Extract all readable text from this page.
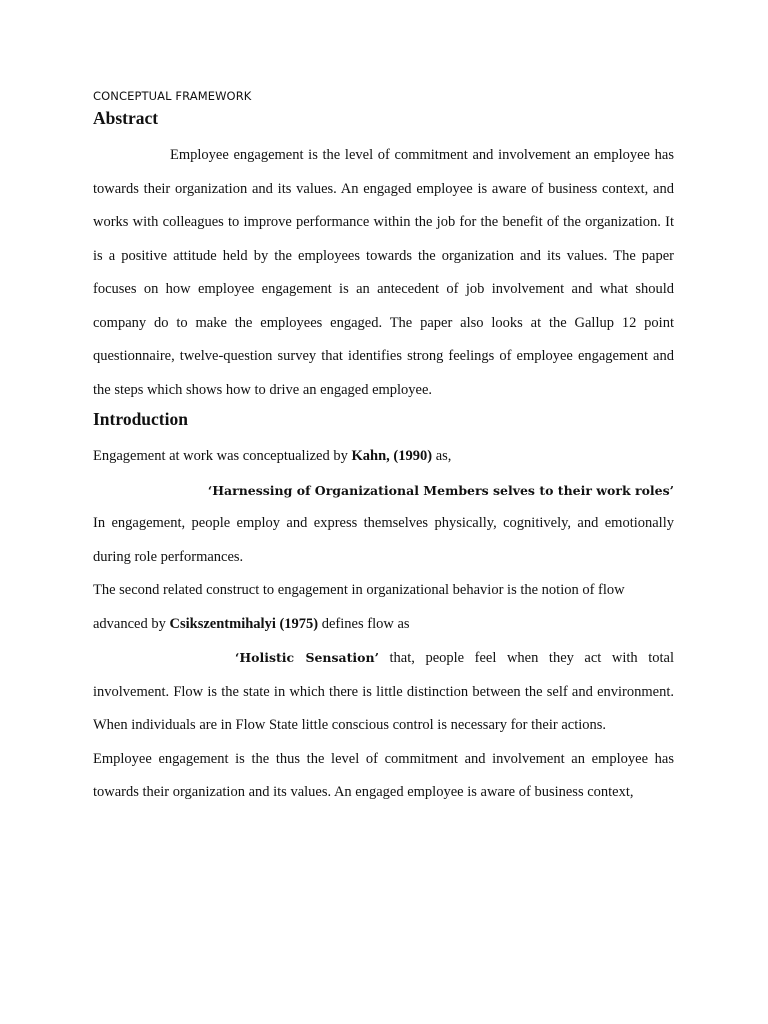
CONCEPTUAL FRAMEWORK

Abstract

Employee engagement is the level of commitment and involvement an employee has towards their organization and its values. An engaged employee is aware of business context, and works with colleagues to improve performance within the job for the benefit of the organization. It is a positive attitude held by the employees towards the organization and its values. The paper focuses on how employee engagement is an antecedent of job involvement and what should company do to make the employees engaged. The paper also looks at the Gallup 12 point questionnaire, twelve-question survey that identifies strong feelings of employee engagement and the steps which shows how to drive an engaged employee.

Introduction

Engagement at work was conceptualized by Kahn, (1990) as,

‘Harnessing of Organizational Members selves to their work roles’

In engagement, people employ and express themselves physically, cognitively, and emotionally during role performances.

The second related construct to engagement in organizational behavior is the notion of flow

advanced by Csikszentmihalyi (1975) defines flow as

‘Holistic Sensation’ that, people feel when they act with total involvement. Flow is the state in which there is little distinction between the self and environment. When individuals are in Flow State little conscious control is necessary for their actions.

Employee engagement is the thus the level of commitment and involvement an employee has towards their organization and its values. An engaged employee is aware of business context,
